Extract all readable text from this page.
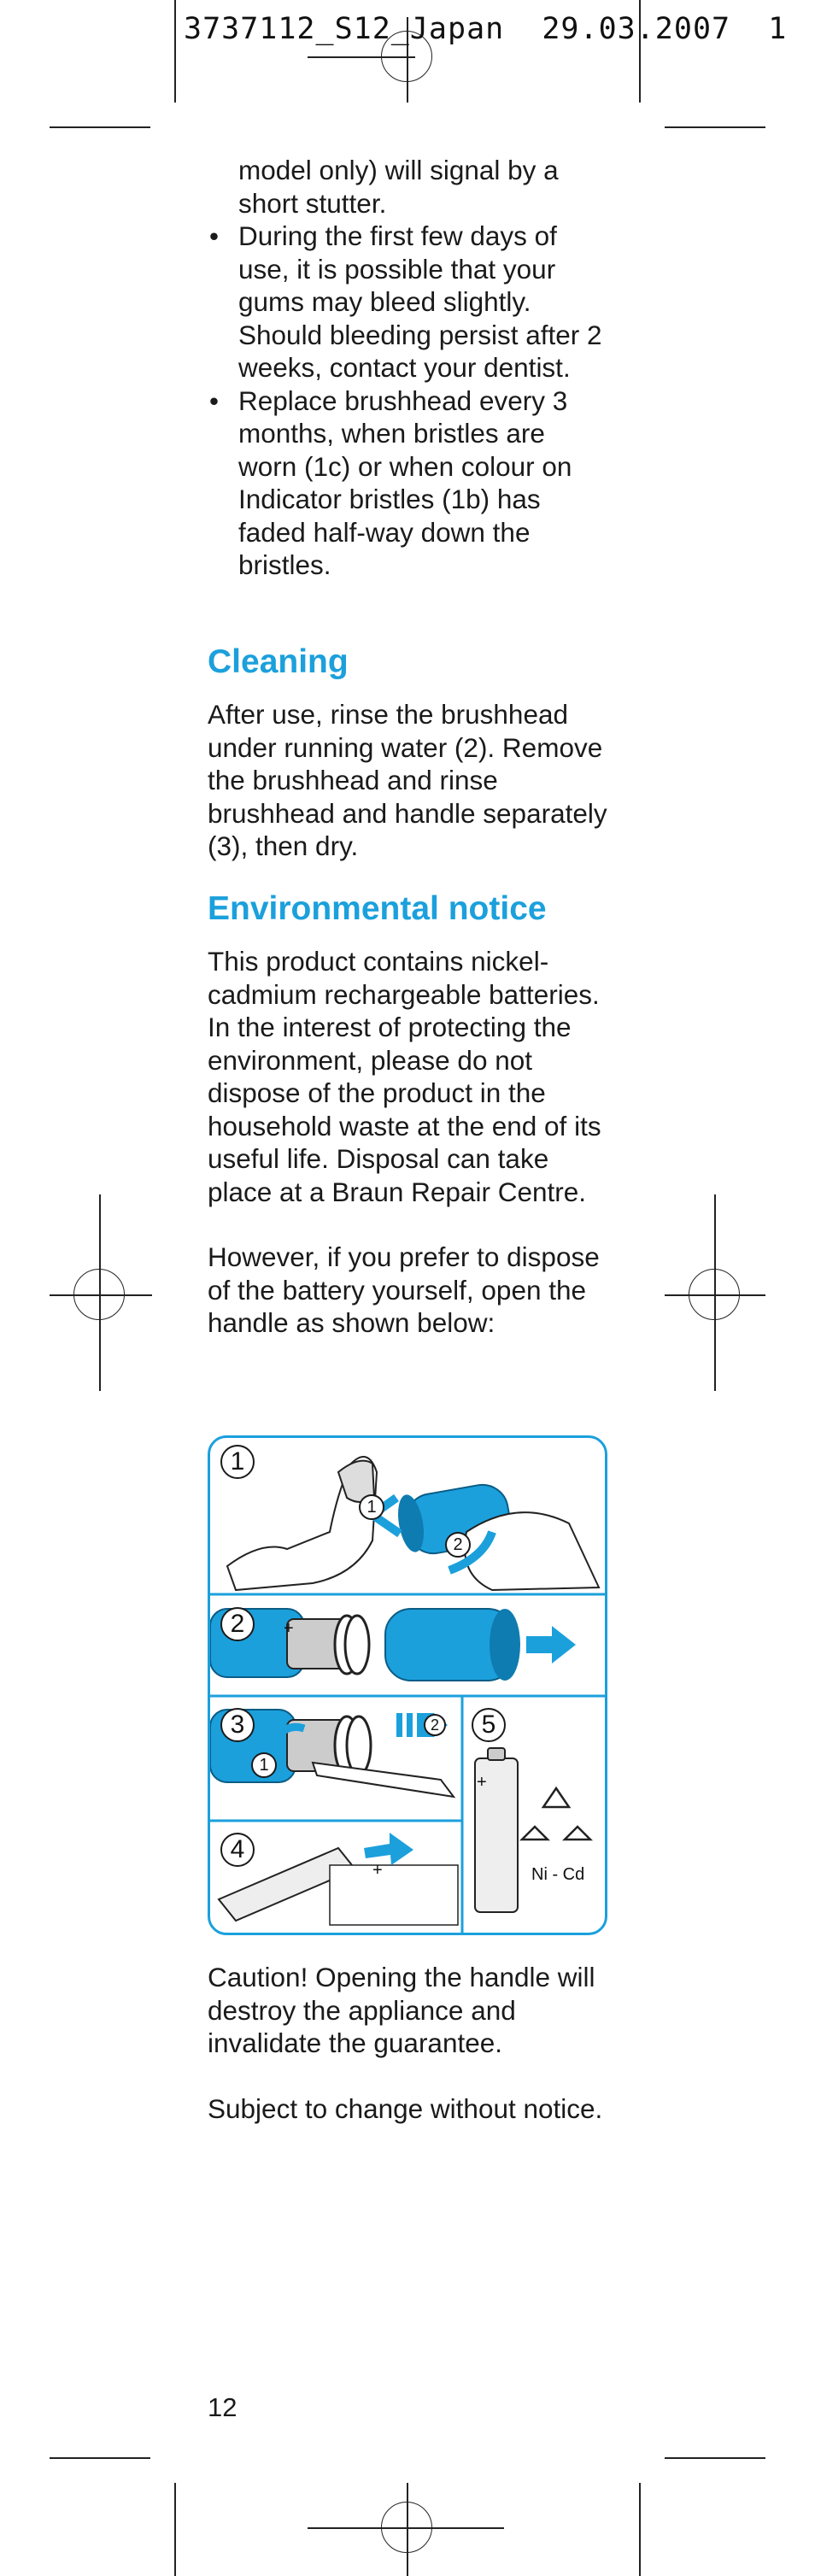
3737112_S12_Japan  29.03.2007  1
model only) will signal by a short stutter.
• During the first few days of use, it is possible that your gums may bleed slightly. Should bleeding persist after 2 weeks, contact your dentist.
• Replace brushhead every 3 months, when bristles are worn (1c) or when colour on Indicator bristles (1b) has faded half-way down the bristles.
Cleaning

After use, rinse the brushhead under running water (2). Remove the brushhead and rinse brushhead and handle separately (3), then dry.

Environmental notice

This product contains nickel-cadmium rechargeable batteries. In the interest of protecting the environment, please do not dispose of the product in the household waste at the end of its useful life. Disposal can take place at a Braun Repair Centre.

However, if you prefer to dispose of the battery yourself, open the handle as shown below:

1
2
3
4
5
1
2
1
2
+
+
+
Ni - Cd

Caution! Opening the handle will destroy the appliance and invalidate the guarantee.

Subject to change without notice.

12
